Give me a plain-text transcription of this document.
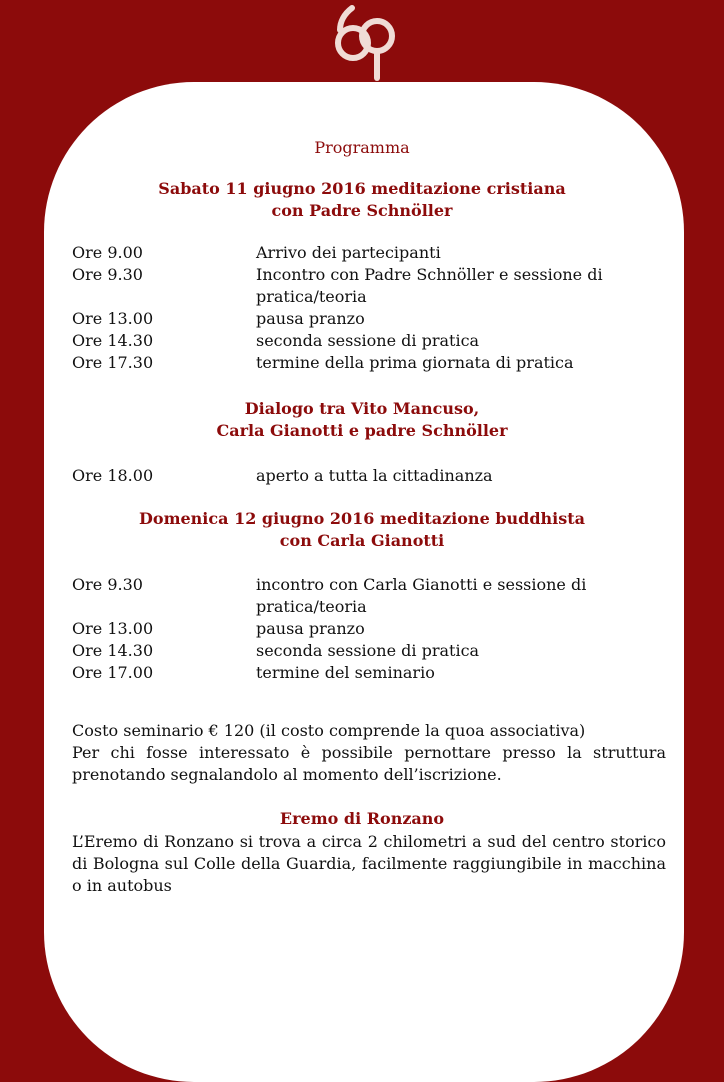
Programma
Sabato 11 giugno 2016 meditazione cristiana
con Padre Schnöller
Ore 9.00	Arrivo dei partecipanti
Ore 9.30	Incontro con Padre Schnöller e sessione di pratica/teoria
Ore 13.00	pausa pranzo
Ore 14.30	seconda sessione di pratica
Ore 17.30	termine della prima giornata di pratica
Dialogo tra Vito Mancuso,
Carla Gianotti e padre Schnöller
Ore 18.00	aperto a tutta la cittadinanza
Domenica 12 giugno 2016 meditazione buddhista
con Carla Gianotti
Ore 9.30	incontro con Carla Gianotti e sessione di pratica/teoria
Ore 13.00	pausa pranzo
Ore 14.30	seconda sessione di pratica
Ore 17.00	termine del seminario
Costo seminario € 120 (il costo comprende la quoa associativa)
Per chi fosse interessato è possibile pernottare presso la struttura prenotando segnalandolo al momento dell’iscrizione.
Eremo di Ronzano
L’Eremo di Ronzano si trova a circa 2 chilometri a sud del centro storico di Bologna sul Colle della Guardia, facilmente raggiungibile in macchina o in autobus
